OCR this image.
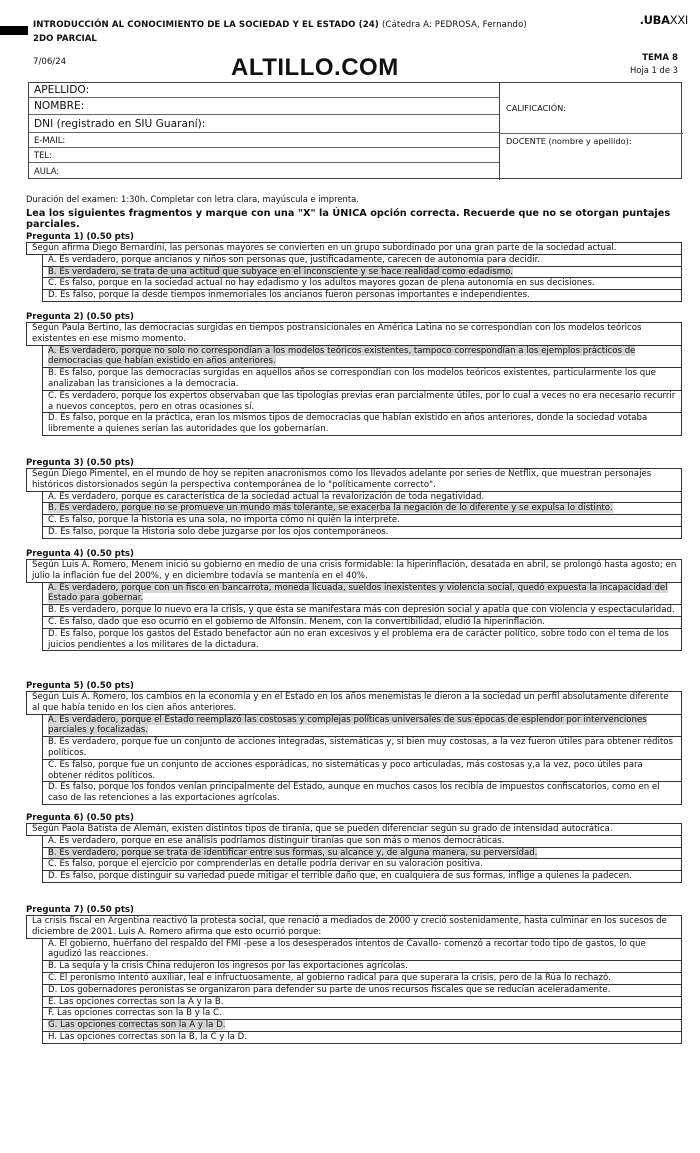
INTRODUCCIÓN AL CONOCIMIENTO DE LA SOCIEDAD Y EL ESTADO (24) (Cátedra A: PEDROSA, Fernando)
2DO PARCIAL
.UBAXXI
7/06/24	ALTILLO.COM	TEMA 8
Hoja 1 de 3
APELLIDO:
NOMBRE:
DNI (registrado en SIU Guaraní):
E-MAIL:
TEL:
AULA:
CALIFICACIÓN:
DOCENTE (nombre y apellido):
Duración del examen: 1:30h. Completar con letra clara, mayúscula e imprenta.
Lea los siguientes fragmentos y marque con una "X" la ÚNICA opción correcta. Recuerde que no se otorgan puntajes parciales.
Pregunta 1) (0.50 pts)
Según afirma Diego Bernardini, las personas mayores se convierten en un grupo subordinado por una gran parte de la sociedad actual.
A. Es verdadero, porque ancianos y niños son personas que, justificadamente, carecen de autonomía para decidir.
B. Es verdadero, se trata de una actitud que subyace en el inconsciente y se hace realidad como edadismo.
C. Es falso, porque en la sociedad actual no hay edadismo y los adultos mayores gozan de plena autonomía en sus decisiones.
D. Es falso, porque la desde tiempos inmemoriales los ancianos fueron personas importantes e independientes.
Pregunta 2) (0.50 pts)
Según Paula Bertino, las democracias surgidas en tiempos postransicionales en América Latina no se correspondían con los modelos teóricos existentes en ese mismo momento.
A. Es verdadero, porque no solo no correspondían a los modelos teóricos existentes, tampoco correspondían a los ejemplos prácticos de democracias que habían existido en años anteriores.
B. Es falso, porque las democracias surgidas en aquellos años se correspondían con los modelos teóricos existentes, particularmente los que analizaban las transiciones a la democracia.
C. Es verdadero, porque los expertos observaban que las tipologías previas eran parcialmente útiles, por lo cual a veces no era necesario recurrir a nuevos conceptos, pero en otras ocasiones sí.
D. Es falso, porque en la práctica, eran los mismos tipos de democracias que habían existido en años anteriores, donde la sociedad votaba libremente a quienes serían las autoridades que los gobernarían.
Pregunta 3) (0.50 pts)
Según Diego Pimentel, en el mundo de hoy se repiten anacronismos como los llevados adelante por series de Netflix, que muestran personajes históricos distorsionados según la perspectiva contemporánea de lo "políticamente correcto".
A. Es verdadero, porque es característica de la sociedad actual la revalorización de toda negatividad.
B. Es verdadero, porque no se promueve un mundo más tolerante, se exacerba la negación de lo diferente y se expulsa lo distinto.
C. Es falso, porque la historia es una sola, no importa cómo ni quién la interprete.
D. Es falso, porque la Historia solo debe juzgarse por los ojos contemporáneos.
Pregunta 4) (0.50 pts)
Según Luis A. Romero, Menem inició su gobierno en medio de una crisis formidable: la hiperinflación, desatada en abril, se prolongó hasta agosto; en julio la inflación fue del 200%, y en diciembre todavía se mantenía en el 40%.
A. Es verdadero, porque con un fisco en bancarrota, moneda licuada, sueldos inexistentes y violencia social, quedó expuesta la incapacidad del Estado para gobernar.
B. Es verdadero, porque lo nuevo era la crisis, y que ésta se manifestara más con depresión social y apatía que con violencia y espectacularidad.
C. Es falso, dado que eso ocurrió en el gobierno de Alfonsín. Menem, con la convertibilidad, eludió la hiperinflación.
D. Es falso, porque los gastos del Estado benefactor aún no eran excesivos y el problema era de carácter político, sobre todo con el tema de los juicios pendientes a los militares de la dictadura.
Pregunta 5) (0.50 pts)
Según Luis A. Romero, los cambios en la economía y en el Estado en los años menemistas le dieron a la sociedad un perfil absolutamente diferente al que había tenido en los cien años anteriores.
A. Es verdadero, porque el Estado reemplazó las costosas y complejas políticas universales de sus épocas de esplendor por intervenciones parciales y focalizadas.
B. Es verdadero, porque fue un conjunto de acciones integradas, sistemáticas y, si bien muy costosas, a la vez fueron útiles para obtener réditos políticos.
C. Es falso, porque fue un conjunto de acciones esporádicas, no sistemáticas y poco articuladas, más costosas y,a la vez, poco útiles para obtener réditos políticos.
D. Es falso, porque los fondos venían principalmente del Estado, aunque en muchos casos los recibía de impuestos confiscatorios, como en el caso de las retenciones a las exportaciones agrícolas.
Pregunta 6) (0.50 pts)
Según Paola Batista de Alemán, existen distintos tipos de tiranía, que se pueden diferenciar según su grado de intensidad autocrática.
A. Es verdadero, porque en ese análisis podríamos distinguir tiranías que son más o menos democráticas.
B. Es verdadero, porque se trata de identificar entre sus formas, su alcance y, de alguna manera, su perversidad.
C. Es falso, porque el ejercicio por comprenderlas en detalle podría derivar en su valoración positiva.
D. Es falso, porque distinguir su variedad puede mitigar el terrible daño que, en cualquiera de sus formas, inflige a quienes la padecen.
Pregunta 7) (0.50 pts)
La crisis fiscal en Argentina reactivó la protesta social, que renació a mediados de 2000 y creció sostenidamente, hasta culminar en los sucesos de diciembre de 2001. Luis A. Romero afirma que esto ocurrió porque:
A. El gobierno, huérfano del respaldo del FMI -pese a los desesperados intentos de Cavallo- comenzó a recortar todo tipo de gastos, lo que agudizó las reacciones.
B. La sequía y la crisis China redujeron los ingresos por las exportaciones agrícolas.
C. El peronismo intentó auxiliar, leal e infructuosamente, al gobierno radical para que superara la crisis, pero de la Rúa lo rechazó.
D. Los gobernadores peronistas se organizaron para defender su parte de unos recursos fiscales que se reducían aceleradamente.
E. Las opciones correctas son la A y la B.
F. Las opciones correctas son la B y la C.
G. Las opciones correctas son la A y la D.
H. Las opciones correctas son la B, la C y la D.
